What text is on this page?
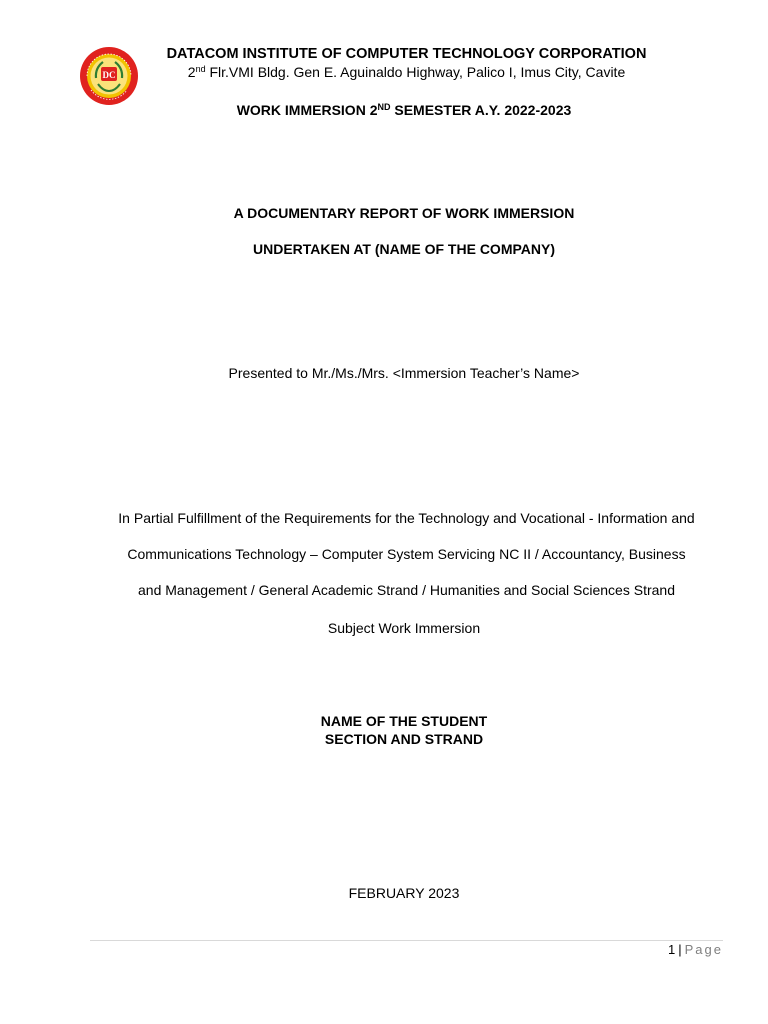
DC
DATACOM INSTITUTE OF COMPUTER TECHNOLOGY CORPORATION
2nd Flr.VMI Bldg. Gen E. Aguinaldo Highway, Palico I, Imus City, Cavite
WORK IMMERSION 2ND SEMESTER A.Y. 2022-2023
A DOCUMENTARY REPORT OF WORK IMMERSION
UNDERTAKEN AT (NAME OF THE COMPANY)
Presented to Mr./Ms./Mrs. <Immersion Teacher’s Name>
In Partial Fulfillment of the Requirements for the Technology and Vocational - Information and
Communications Technology – Computer System Servicing NC II / Accountancy, Business
and Management / General Academic Strand / Humanities and Social Sciences Strand
Subject Work Immersion
NAME OF THE STUDENT
SECTION AND STRAND
FEBRUARY 2023
1 | Page
